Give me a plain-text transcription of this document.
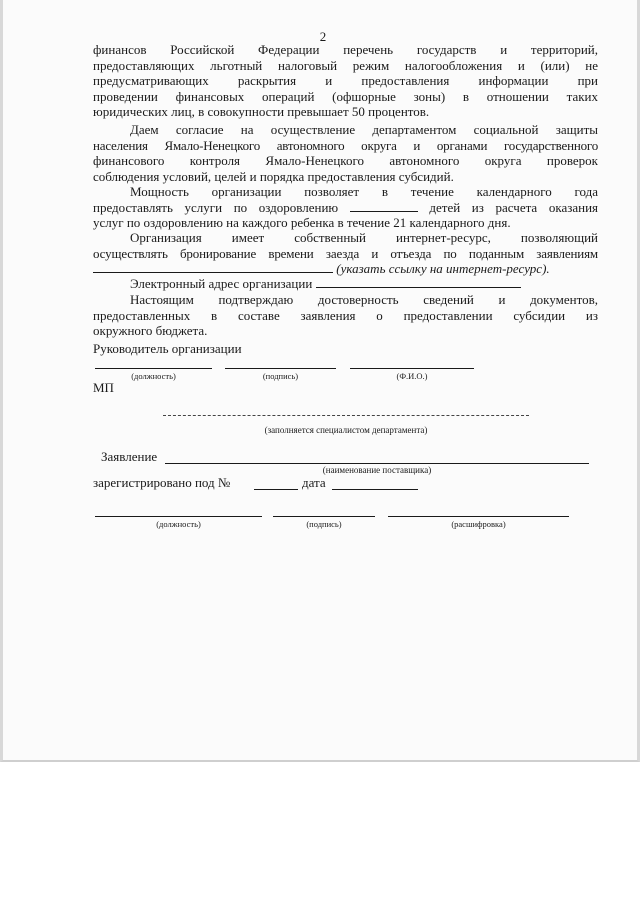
2
финансов Российской Федерации перечень государств и территорий,
предоставляющих льготный налоговый режим налогообложения и (или) не
предусматривающих раскрытия и предоставления информации при
проведении финансовых операций (офшорные зоны) в отношении таких
юридических лиц, в совокупности превышает 50 процентов.
Даем согласие на осуществление департаментом социальной защиты
населения Ямало-Ненецкого автономного округа и органами государственного
финансового контроля Ямало-Ненецкого автономного округа проверок
соблюдения условий, целей и порядка предоставления субсидий.
Мощность организации позволяет в течение календарного года
предоставлять услуги по оздоровлению	детей из расчета оказания
услуг по оздоровлению на каждого ребенка в течение 21 календарного дня.
Организация имеет собственный интернет-ресурс, позволяющий
осуществлять бронирование времени заезда и отъезда по поданным заявлениям
(указать ссылку на интернет-ресурс).
Электронный адрес организации
Настоящим подтверждаю достоверность сведений и документов,
предоставленных в составе заявления о предоставлении субсидии из
окружного бюджета.
Руководитель организации
(должность)	(подпись)	(Ф.И.О.)
МП
(заполняется специалистом департамента)
Заявление
(наименование поставщика)
зарегистрировано под №	дата
(должность)	(подпись)	(расшифровка)
